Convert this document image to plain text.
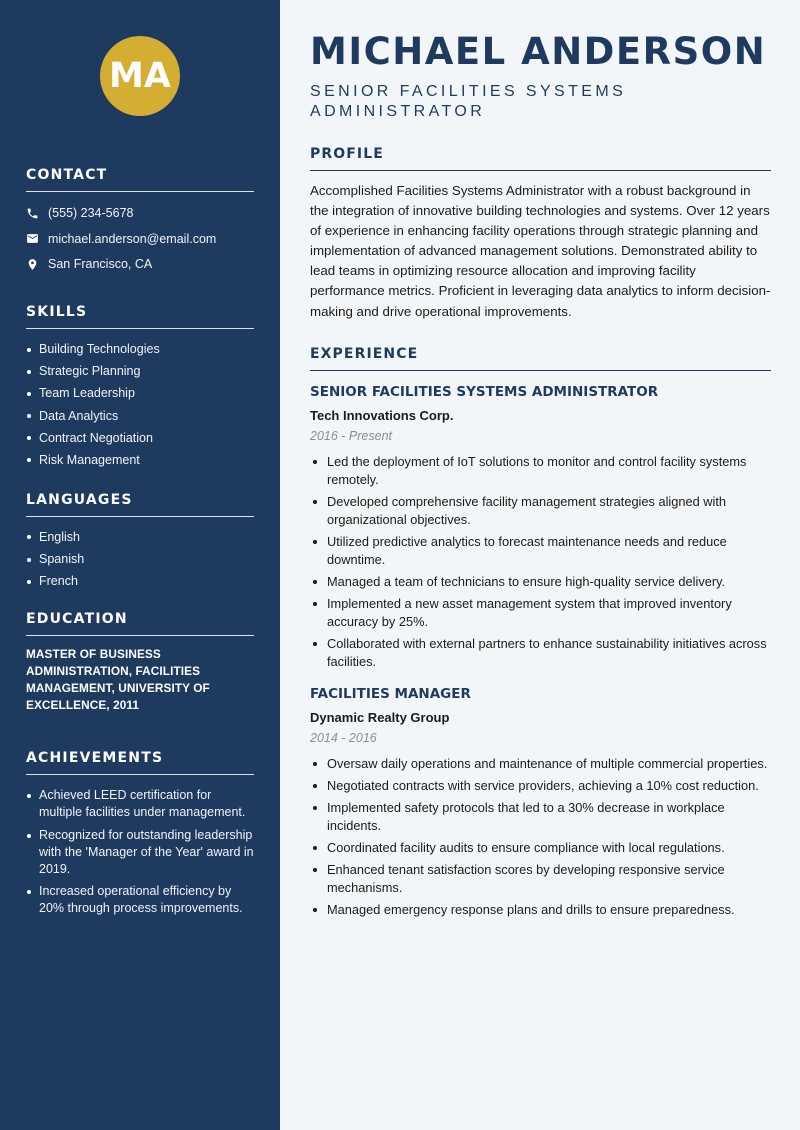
MA
CONTACT
(555) 234-5678
michael.anderson@email.com
San Francisco, CA
SKILLS
Building Technologies
Strategic Planning
Team Leadership
Data Analytics
Contract Negotiation
Risk Management
LANGUAGES
English
Spanish
French
EDUCATION
MASTER OF BUSINESS ADMINISTRATION, FACILITIES MANAGEMENT, UNIVERSITY OF EXCELLENCE, 2011
ACHIEVEMENTS
Achieved LEED certification for multiple facilities under management.
Recognized for outstanding leadership with the 'Manager of the Year' award in 2019.
Increased operational efficiency by 20% through process improvements.
MICHAEL ANDERSON
SENIOR FACILITIES SYSTEMS ADMINISTRATOR
PROFILE

Accomplished Facilities Systems Administrator with a robust background in the integration of innovative building technologies and systems. Over 12 years of experience in enhancing facility operations through strategic planning and implementation of advanced management solutions. Demonstrated ability to lead teams in optimizing resource allocation and improving facility performance metrics. Proficient in leveraging data analytics to inform decision-making and drive operational improvements.

EXPERIENCE
SENIOR FACILITIES SYSTEMS ADMINISTRATOR
Tech Innovations Corp.
2016 - Present
Led the deployment of IoT solutions to monitor and control facility systems remotely.
Developed comprehensive facility management strategies aligned with organizational objectives.
Utilized predictive analytics to forecast maintenance needs and reduce downtime.
Managed a team of technicians to ensure high-quality service delivery.
Implemented a new asset management system that improved inventory accuracy by 25%.
Collaborated with external partners to enhance sustainability initiatives across facilities.
FACILITIES MANAGER
Dynamic Realty Group
2014 - 2016
Oversaw daily operations and maintenance of multiple commercial properties.
Negotiated contracts with service providers, achieving a 10% cost reduction.
Implemented safety protocols that led to a 30% decrease in workplace incidents.
Coordinated facility audits to ensure compliance with local regulations.
Enhanced tenant satisfaction scores by developing responsive service mechanisms.
Managed emergency response plans and drills to ensure preparedness.
